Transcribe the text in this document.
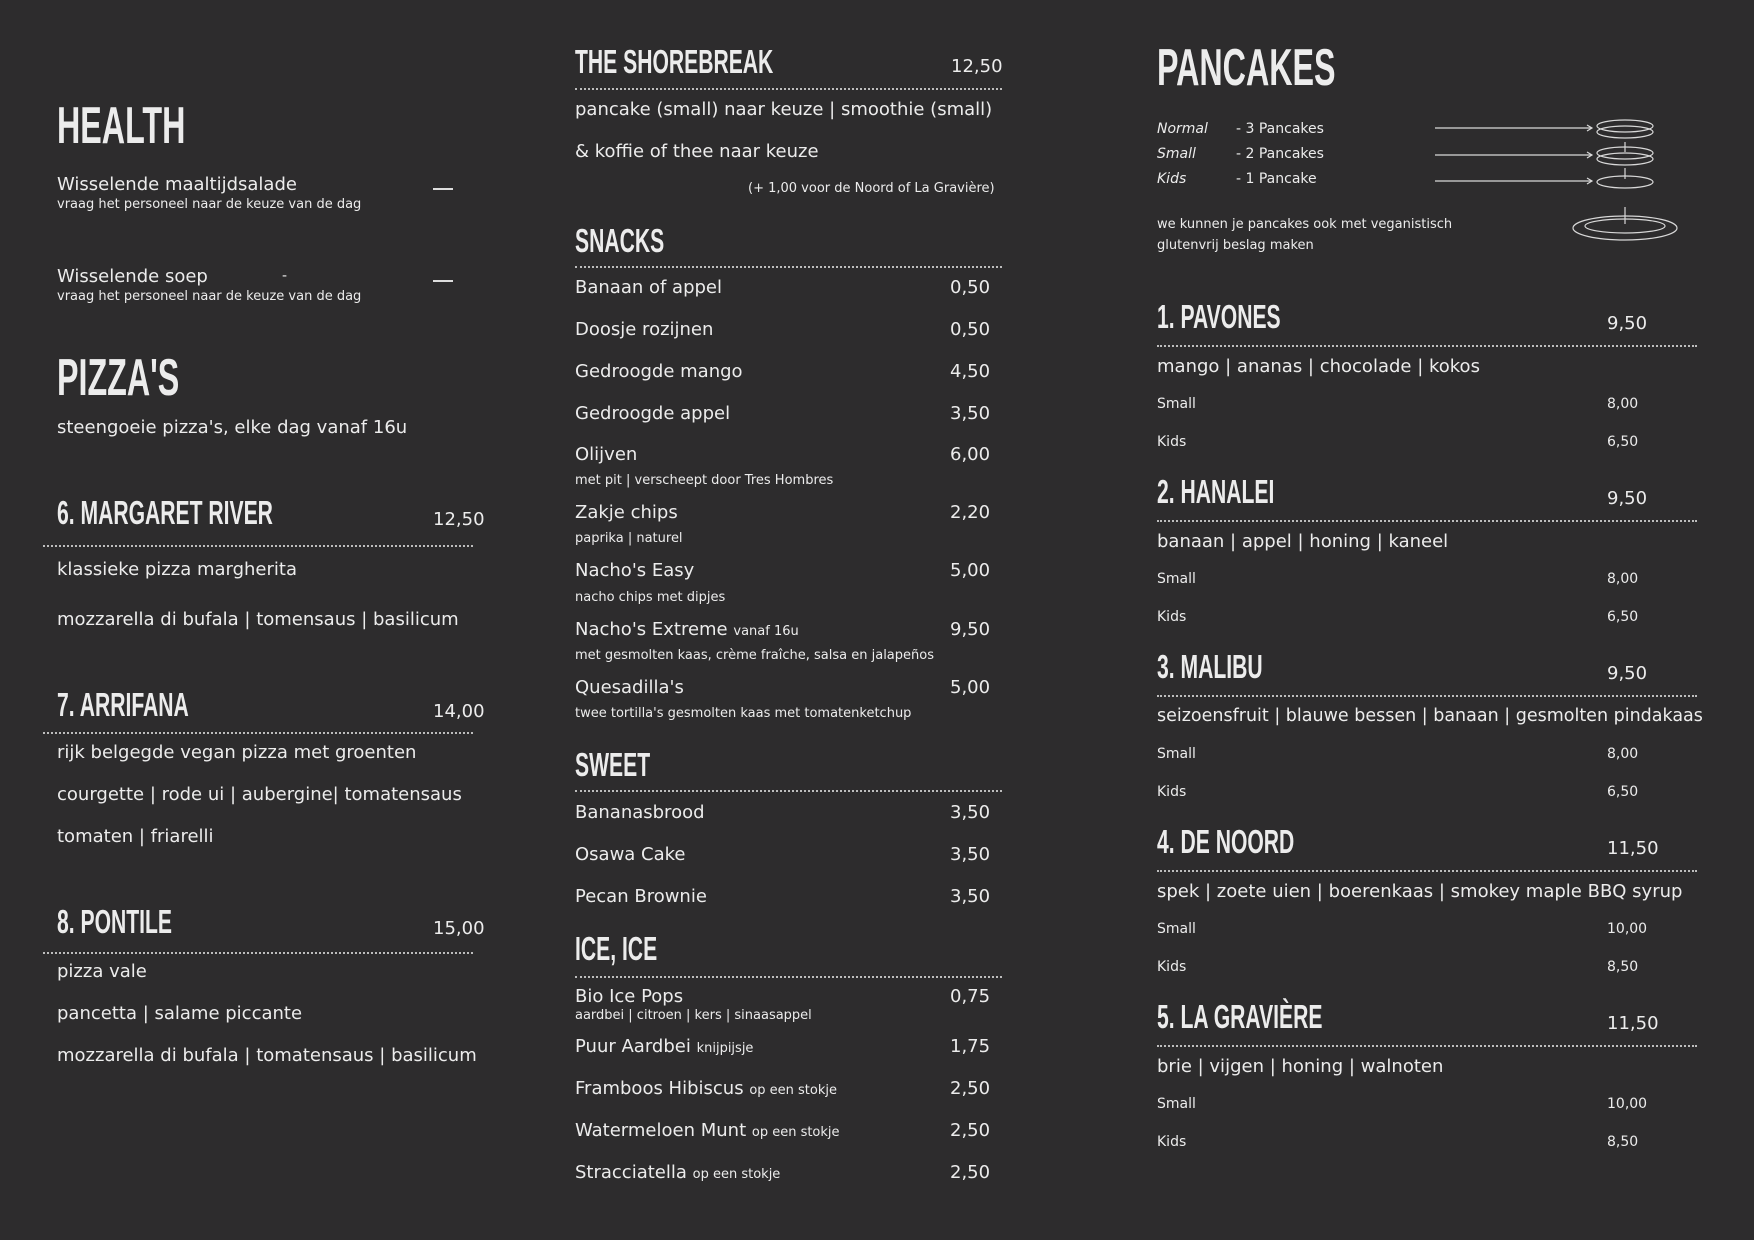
HEALTH
Wisselende maaltijdsalade
vraag het personeel naar de keuze van de dag
Wisselende soep	-
vraag het personeel naar de keuze van de dag
PIZZA'S
steengoeie pizza's, elke dag vanaf 16u
6. MARGARET RIVER	12,50
klassieke pizza margherita
mozzarella di bufala | tomensaus | basilicum
7. ARRIFANA	14,00
rijk belgegde vegan pizza met groenten
courgette | rode ui | aubergine| tomatensaus
tomaten | friarelli
8. PONTILE	15,00
pizza vale
pancetta | salame piccante
mozzarella di bufala | tomatensaus | basilicum
THE SHOREBREAK	12,50
pancake (small) naar keuze | smoothie (small)
& koffie of thee naar keuze
(+ 1,00 voor de Noord of La Gravière)
SNACKS
Banaan of appel	0,50
Doosje rozijnen	0,50
Gedroogde mango	4,50
Gedroogde appel	3,50
Olijven	6,00
met pit | verscheept door Tres Hombres
Zakje chips	2,20
paprika | naturel
Nacho's Easy	5,00
nacho chips met dipjes
Nacho's Extreme vanaf 16u	9,50
met gesmolten kaas, crème fraîche, salsa en jalapeños
Quesadilla's	5,00
twee tortilla's gesmolten kaas met tomatenketchup
SWEET
Bananasbrood	3,50
Osawa Cake	3,50
Pecan Brownie	3,50
ICE, ICE
Bio Ice Pops	0,75
aardbei | citroen | kers | sinaasappel
Puur Aardbei knijpijsje	1,75
Framboos Hibiscus op een stokje	2,50
Watermeloen Munt op een stokje	2,50
Stracciatella op een stokje	2,50
PANCAKES
Normal - 3 Pancakes
Small	- 2 Pancakes
Kids	- 1 Pancake
we kunnen je pancakes ook met veganistisch
glutenvrij beslag maken
1. PAVONES	9,50
mango | ananas | chocolade | kokos
Small	8,00
Kids	6,50
2. HANALEI	9,50
banaan | appel | honing | kaneel
Small	8,00
Kids	6,50
3. MALIBU	9,50
seizoensfruit | blauwe bessen | banaan | gesmolten pindakaas
Small	8,00
Kids	6,50
4. DE NOORD	11,50
spek | zoete uien | boerenkaas | smokey maple BBQ syrup
Small	10,00
Kids	8,50
5. LA GRAVIÈRE	11,50
brie | vijgen | honing | walnoten
Small	10,00
Kids	8,50
